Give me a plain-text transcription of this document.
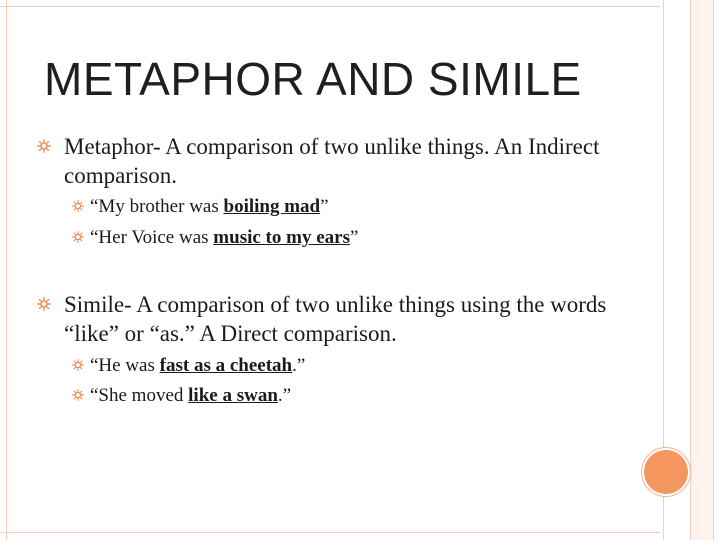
METAPHOR AND SIMILE
Metaphor- A comparison of two unlike things. An Indirect comparison.
“My brother was boiling mad”
“Her Voice was music to my ears”
Simile- A comparison of two unlike things using the words “like” or “as.” A Direct comparison.
“He was fast as a cheetah.”
“She moved like a swan.”
